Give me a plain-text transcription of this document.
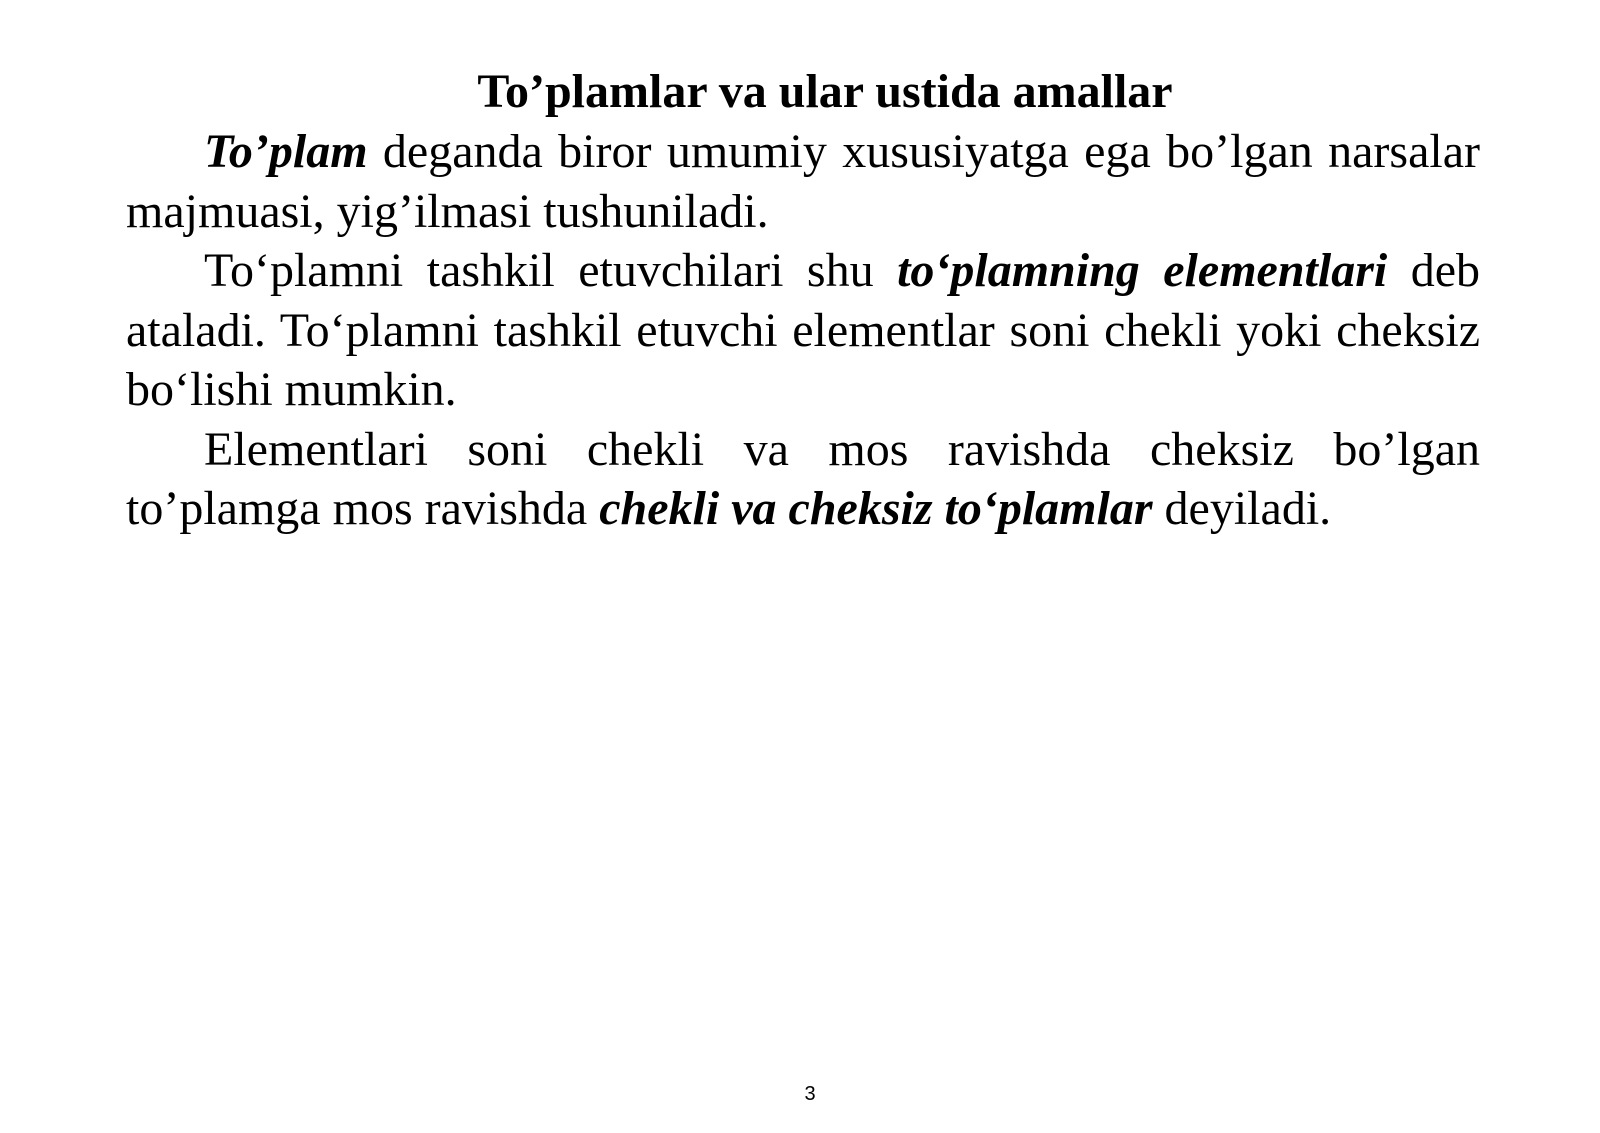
To’plamlar va ular ustida amallar

To’plam deganda biror umumiy xususiyatga ega bo’lgan narsalar majmuasi, yig’ilmasi tushuniladi.

To‘plamni tashkil etuvchilari shu to‘plamning elementlari deb ataladi. To‘plamni tashkil etuvchi elementlar soni chekli yoki cheksiz bo‘lishi mumkin.

Elementlari soni chekli va mos ravishda cheksiz bo’lgan to’plamga mos ravishda chekli va cheksiz to‘plamlar deyiladi.

3
